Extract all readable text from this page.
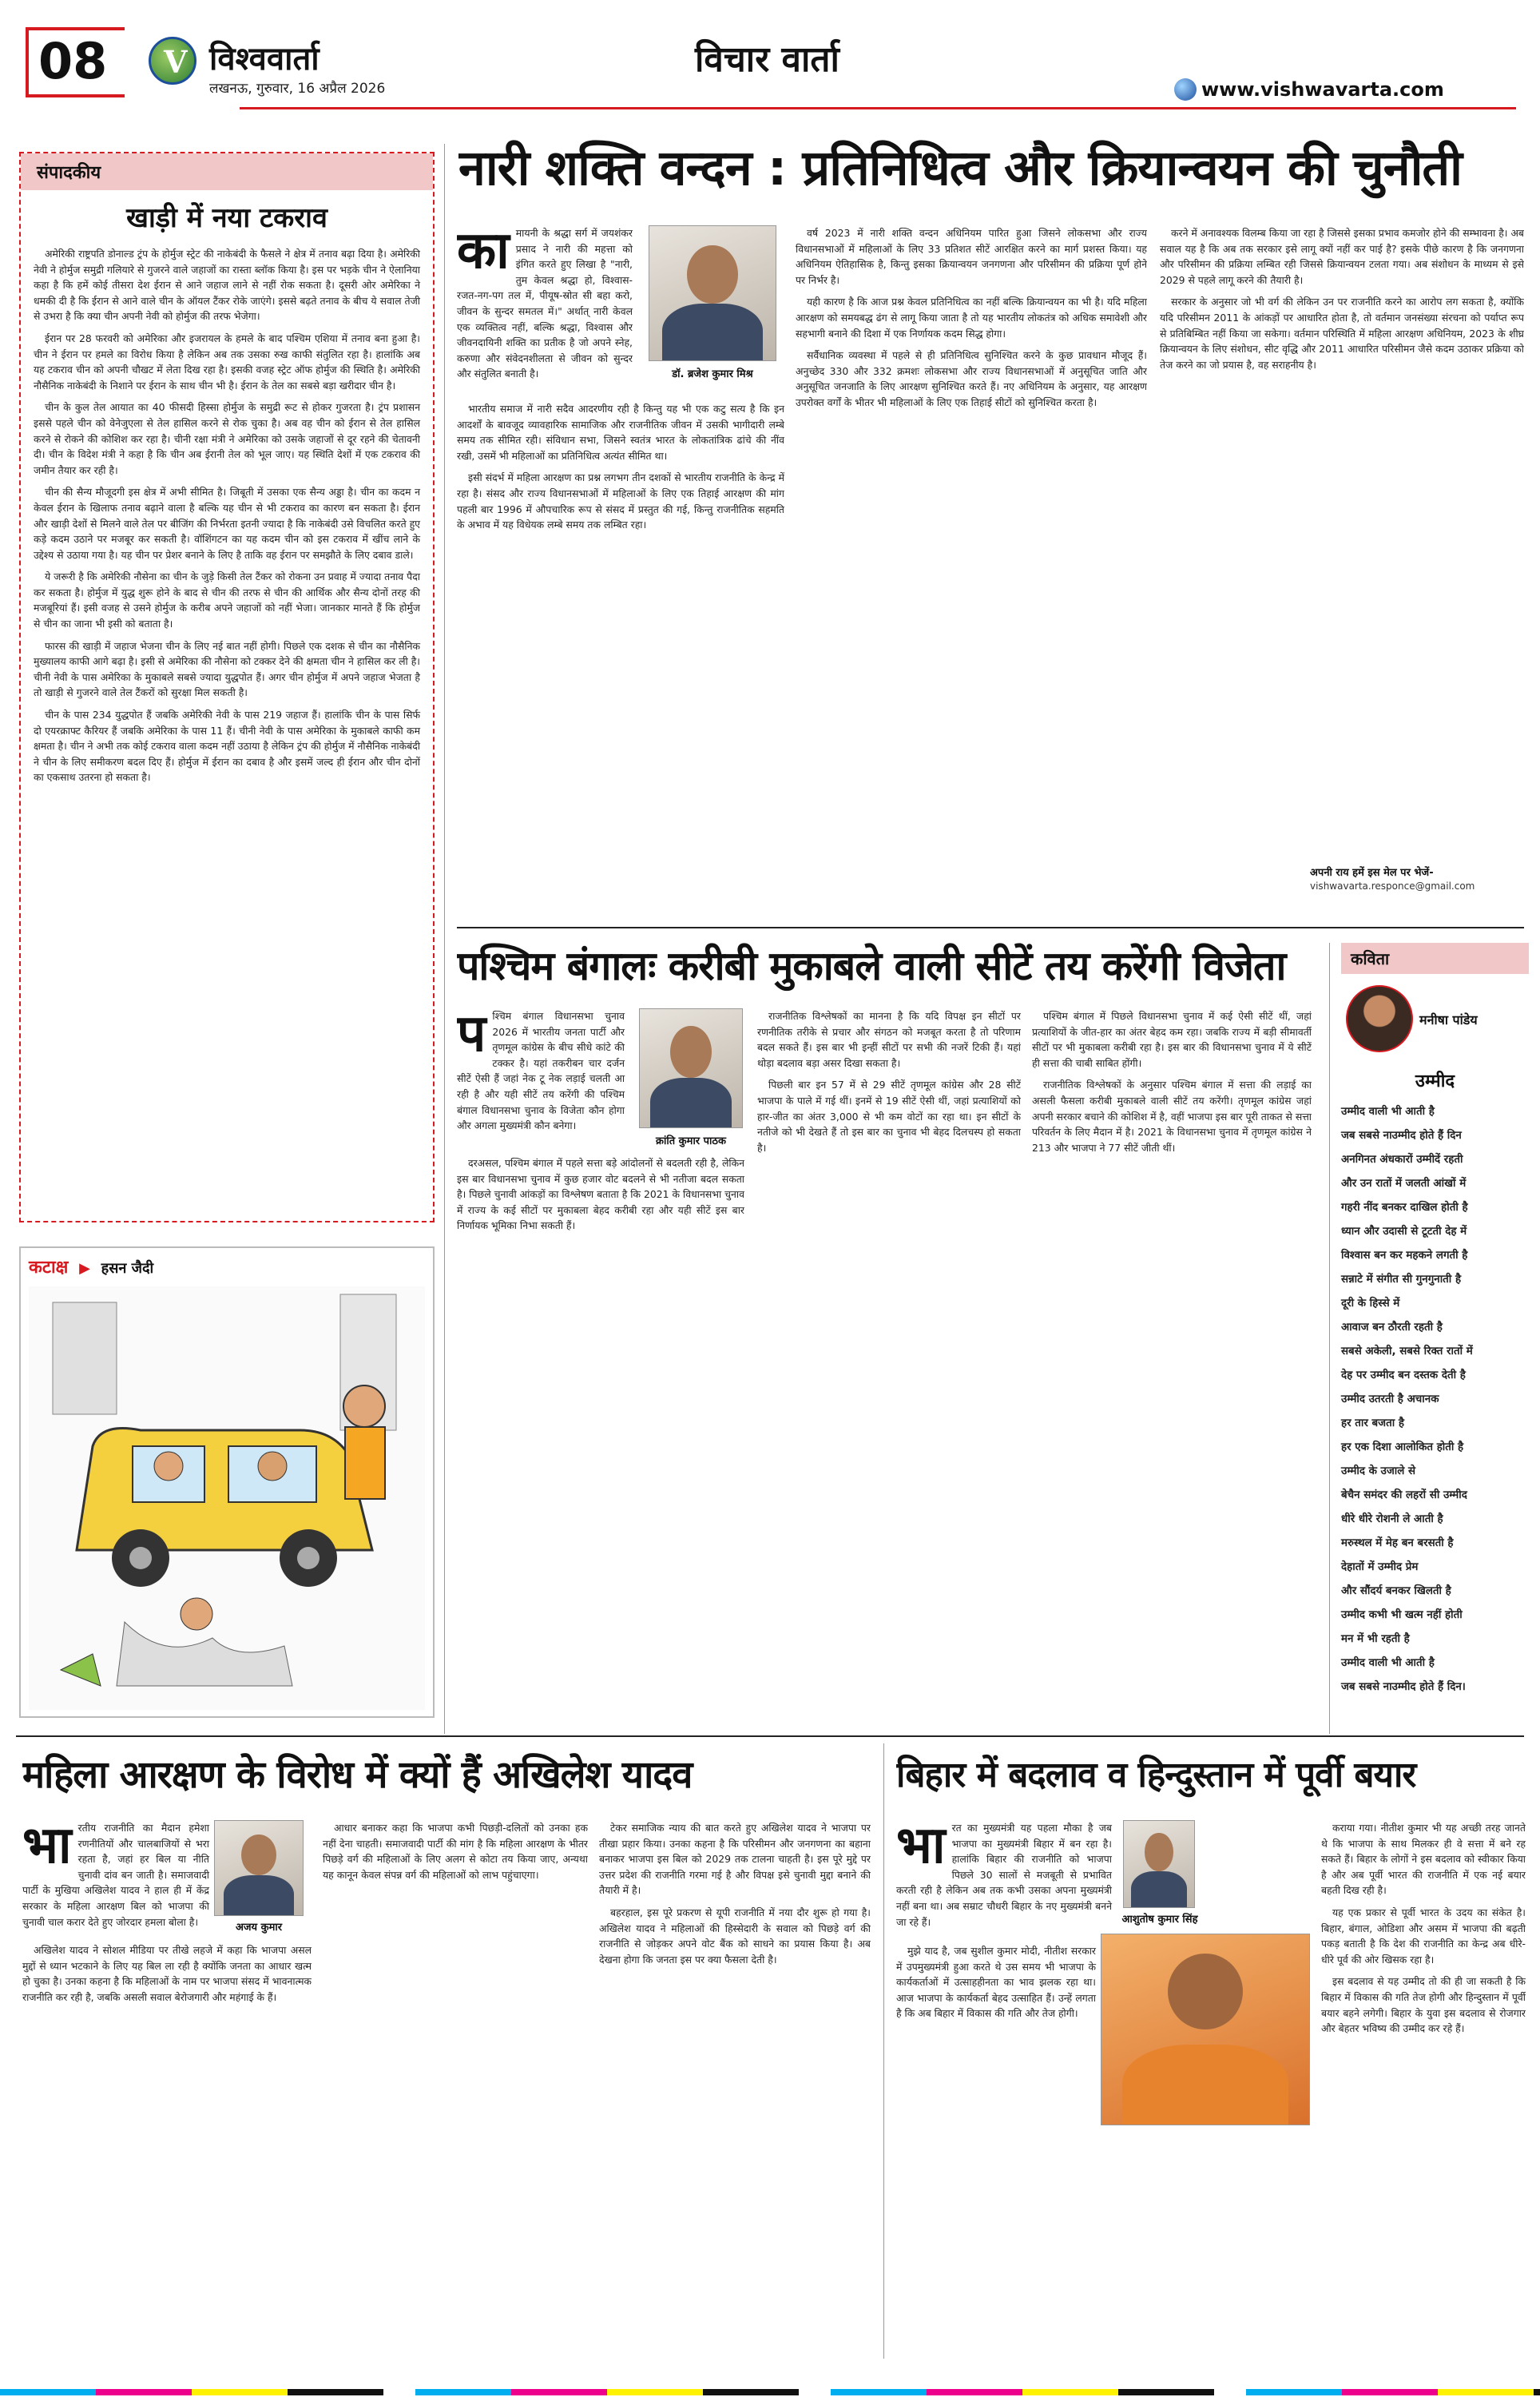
08 V विश्ववार्ता
लखनऊ, गुरुवार, 16 अप्रैल 2026
विचार वार्ता
www.vishwavarta.com
संपादकीय
खाड़ी में नया टकराव

अमेरिकी राष्ट्रपति डोनाल्ड ट्रंप के होर्मुज स्ट्रेट की नाकेबंदी के फैसले ने क्षेत्र में तनाव बढ़ा दिया है। अमेरिकी नेवी ने होर्मुज समुद्री गलियारे से गुजरने वाले जहाजों का रास्ता ब्लॉक किया है। इस पर भड़के चीन ने ऐलानिया कहा है कि हमें कोई तीसरा देश ईरान से आने जहाज लाने से नहीं रोक सकता है। दूसरी ओर अमेरिका ने धमकी दी है कि ईरान से आने वाले चीन के ऑयल टैंकर रोके जाएंगे। इससे बढ़ते तनाव के बीच ये सवाल तेजी से उभरा है कि क्या चीन अपनी नेवी को होर्मुज की तरफ भेजेगा।

ईरान पर 28 फरवरी को अमेरिका और इजरायल के हमले के बाद पश्चिम एशिया में तनाव बना हुआ है। चीन ने ईरान पर हमले का विरोध किया है लेकिन अब तक उसका रुख काफी संतुलित रहा है। हालांकि अब यह टकराव चीन को अपनी चौखट में लेता दिख रहा है। इसकी वजह स्ट्रेट ऑफ होर्मुज की स्थिति है। अमेरिकी नौसैनिक नाकेबंदी के निशाने पर ईरान के साथ चीन भी है। ईरान के तेल का सबसे बड़ा खरीदार चीन है।

चीन के कुल तेल आयात का 40 फीसदी हिस्सा होर्मुज के समुद्री रूट से होकर गुजरता है। ट्रंप प्रशासन इससे पहले चीन को वेनेजुएला से तेल हासिल करने से रोक चुका है। अब वह चीन को ईरान से तेल हासिल करने से रोकने की कोशिश कर रहा है। चीनी रक्षा मंत्री ने अमेरिका को उसके जहाजों से दूर रहने की चेतावनी दी। चीन के विदेश मंत्री ने कहा है कि चीन अब ईरानी तेल को भूल जाए। यह स्थिति देशों में एक टकराव की जमीन तैयार कर रही है।

चीन की सैन्य मौजूदगी इस क्षेत्र में अभी सीमित है। जिबूती में उसका एक सैन्य अड्डा है। चीन का कदम न केवल ईरान के खिलाफ तनाव बढ़ाने वाला है बल्कि यह चीन से भी टकराव का कारण बन सकता है। ईरान और खाड़ी देशों से मिलने वाले तेल पर बीजिंग की निर्भरता इतनी ज्यादा है कि नाकेबंदी उसे विचलित करते हुए कड़े कदम उठाने पर मजबूर कर सकती है। वॉशिंगटन का यह कदम चीन को इस टकराव में खींच लाने के उद्देश्य से उठाया गया है। यह चीन पर प्रेशर बनाने के लिए है ताकि वह ईरान पर समझौते के लिए दबाव डाले।

ये जरूरी है कि अमेरिकी नौसेना का चीन के जुड़े किसी तेल टैंकर को रोकना उन प्रवाह में ज्यादा तनाव पैदा कर सकता है। होर्मुज में युद्ध शुरू होने के बाद से चीन की तरफ से चीन की आर्थिक और सैन्य दोनों तरह की मजबूरियां हैं। इसी वजह से उसने होर्मुज के करीब अपने जहाजों को नहीं भेजा। जानकार मानते हैं कि होर्मुज से चीन का जाना भी इसी को बताता है।

फारस की खाड़ी में जहाज भेजना चीन के लिए नई बात नहीं होगी। पिछले एक दशक से चीन का नौसैनिक मुख्यालय काफी आगे बढ़ा है। इसी से अमेरिका की नौसेना को टक्कर देने की क्षमता चीन ने हासिल कर ली है। चीनी नेवी के पास अमेरिका के मुकाबले सबसे ज्यादा युद्धपोत हैं। अगर चीन होर्मुज में अपने जहाज भेजता है तो खाड़ी से गुजरने वाले तेल टैंकरों को सुरक्षा मिल सकती है।

चीन के पास 234 युद्धपोत हैं जबकि अमेरिकी नेवी के पास 219 जहाज हैं। हालांकि चीन के पास सिर्फ दो एयरक्राफ्ट कैरियर हैं जबकि अमेरिका के पास 11 हैं। चीनी नेवी के पास अमेरिका के मुकाबले काफी कम क्षमता है। चीन ने अभी तक कोई टकराव वाला कदम नहीं उठाया है लेकिन ट्रंप की होर्मुज में नौसैनिक नाकेबंदी ने चीन के लिए समीकरण बदल दिए हैं। होर्मुज में ईरान का दबाव है और इसमें जल्द ही ईरान और चीन दोनों का एकसाथ उतरना हो सकता है।

कटाक्ष ▶ हसन जैदी
नारी शक्ति वन्दन : प्रतिनिधित्व और क्रियान्वयन की चुनौती
डॉ. ब्रजेश कुमार मिश्र
का मायनी के श्रद्धा सर्ग में जयशंकर प्रसाद ने नारी की महत्ता को इंगित करते हुए लिखा है "नारी, तुम केवल श्रद्धा हो, विश्वास-रजत-नग-पग तल में, पीयूष-स्रोत सी बहा करो, जीवन के सुन्दर समतल में।" अर्थात् नारी केवल एक व्यक्तित्व नहीं, बल्कि श्रद्धा, विश्वास और जीवनदायिनी शक्ति का प्रतीक है जो अपने स्नेह, करुणा और संवेदनशीलता से जीवन को सुन्दर और संतुलित बनाती है।

भारतीय समाज में नारी सदैव आदरणीय रही है किन्तु यह भी एक कटु सत्य है कि इन आदर्शों के बावजूद व्यावहारिक सामाजिक और राजनीतिक जीवन में उसकी भागीदारी लम्बे समय तक सीमित रही। संविधान सभा, जिसने स्वतंत्र भारत के लोकतांत्रिक ढांचे की नींव रखी, उसमें भी महिलाओं का प्रतिनिधित्व अत्यंत सीमित था।

इसी संदर्भ में महिला आरक्षण का प्रश्न लगभग तीन दशकों से भारतीय राजनीति के केन्द्र में रहा है। संसद और राज्य विधानसभाओं में महिलाओं के लिए एक तिहाई आरक्षण की मांग पहली बार 1996 में औपचारिक रूप से संसद में प्रस्तुत की गई, किन्तु राजनीतिक सहमति के अभाव में यह विधेयक लम्बे समय तक लम्बित रहा।

वर्ष 2023 में नारी शक्ति वन्दन अधिनियम पारित हुआ जिसने लोकसभा और राज्य विधानसभाओं में महिलाओं के लिए 33 प्रतिशत सीटें आरक्षित करने का मार्ग प्रशस्त किया। यह अधिनियम ऐतिहासिक है, किन्तु इसका क्रियान्वयन जनगणना और परिसीमन की प्रक्रिया पूर्ण होने पर निर्भर है।

यही कारण है कि आज प्रश्न केवल प्रतिनिधित्व का नहीं बल्कि क्रियान्वयन का भी है। यदि महिला आरक्षण को समयबद्ध ढंग से लागू किया जाता है तो यह भारतीय लोकतंत्र को अधिक समावेशी और सहभागी बनाने की दिशा में एक निर्णायक कदम सिद्ध होगा।

सर्वैधानिक व्यवस्था में पहले से ही प्रतिनिधित्व सुनिश्चित करने के कुछ प्रावधान मौजूद हैं। अनुच्छेद 330 और 332 क्रमशः लोकसभा और राज्य विधानसभाओं में अनुसूचित जाति और अनुसूचित जनजाति के लिए आरक्षण सुनिश्चित करते हैं। नए अधिनियम के अनुसार, यह आरक्षण उपरोक्त वर्गों के भीतर भी महिलाओं के लिए एक तिहाई सीटों को सुनिश्चित करता है।

करने में अनावश्यक विलम्ब किया जा रहा है जिससे इसका प्रभाव कमजोर होने की सम्भावना है। अब सवाल यह है कि अब तक सरकार इसे लागू क्यों नहीं कर पाई है? इसके पीछे कारण है कि जनगणना और परिसीमन की प्रक्रिया लम्बित रही जिससे क्रियान्वयन टलता गया। अब संशोधन के माध्यम से इसे 2029 से पहले लागू करने की तैयारी है।

सरकार के अनुसार जो भी वर्ग की लेकिन उन पर राजनीति करने का आरोप लग सकता है, क्योंकि यदि परिसीमन 2011 के आंकड़ों पर आधारित होता है, तो वर्तमान जनसंख्या संरचना को पर्याप्त रूप से प्रतिबिम्बित नहीं किया जा सकेगा। वर्तमान परिस्थिति में महिला आरक्षण अधिनियम, 2023 के शीघ्र क्रियान्वयन के लिए संशोधन, सीट वृद्धि और 2011 आधारित परिसीमन जैसे कदम उठाकर प्रक्रिया को तेज करने का जो प्रयास है, वह सराहनीय है।

अपनी राय हमें इस मेल पर भेजें-
vishwavarta.responce@gmail.com
पश्चिम बंगालः करीबी मुकाबले वाली सीटें तय करेंगी विजेता
क्रांति कुमार पाठक
प श्चिम बंगाल विधानसभा चुनाव 2026 में भारतीय जनता पार्टी और तृणमूल कांग्रेस के बीच सीधे कांटे की टक्कर है। यहां तकरीबन चार दर्जन सीटें ऐसी हैं जहां नेक टू नेक लड़ाई चलती आ रही है और यही सीटें तय करेंगी की पश्चिम बंगाल विधानसभा चुनाव के विजेता कौन होगा और अगला मुख्यमंत्री कौन बनेगा।

दरअसल, पश्चिम बंगाल में पहले सत्ता बड़े आंदोलनों से बदलती रही है, लेकिन इस बार विधानसभा चुनाव में कुछ हजार वोट बदलने से भी नतीजा बदल सकता है। पिछले चुनावी आंकड़ों का विश्लेषण बताता है कि 2021 के विधानसभा चुनाव में राज्य के कई सीटों पर मुकाबला बेहद करीबी रहा और यही सीटें इस बार निर्णायक भूमिका निभा सकती हैं।

राजनीतिक विश्लेषकों का मानना है कि यदि विपक्ष इन सीटों पर रणनीतिक तरीके से प्रचार और संगठन को मजबूत करता है तो परिणाम बदल सकते हैं। इस बार भी इन्हीं सीटों पर सभी की नजरें टिकी हैं। यहां थोड़ा बदलाव बड़ा असर दिखा सकता है।

पिछली बार इन 57 में से 29 सीटें तृणमूल कांग्रेस और 28 सीटें भाजपा के पाले में गई थीं। इनमें से 19 सीटें ऐसी थीं, जहां प्रत्याशियों को हार-जीत का अंतर 3,000 से भी कम वोटों का रहा था। इन सीटों के नतीजे को भी देखते हैं तो इस बार का चुनाव भी बेहद दिलचस्प हो सकता है।

पश्चिम बंगाल में पिछले विधानसभा चुनाव में कई ऐसी सीटें थीं, जहां प्रत्याशियों के जीत-हार का अंतर बेहद कम रहा। जबकि राज्य में बड़ी सीमावर्ती सीटों पर भी मुकाबला करीबी रहा है। इस बार की विधानसभा चुनाव में ये सीटें ही सत्ता की चाबी साबित होंगी।

राजनीतिक विश्लेषकों के अनुसार पश्चिम बंगाल में सत्ता की लड़ाई का असली फैसला करीबी मुकाबले वाली सीटें तय करेंगी। तृणमूल कांग्रेस जहां अपनी सरकार बचाने की कोशिश में है, वहीं भाजपा इस बार पूरी ताकत से सत्ता परिवर्तन के लिए मैदान में है। 2021 के विधानसभा चुनाव में तृणमूल कांग्रेस ने 213 और भाजपा ने 77 सीटें जीती थीं।

कविता
मनीषा पांडेय
उम्मीद
उम्मीद वाली भी आती है
जब सबसे नाउम्मीद होते हैं दिन
अनगिनत अंधकारों उम्मीदें रहती
और उन रातों में जलती आंखों में
गहरी नींद बनकर दाखिल होती है
ध्यान और उदासी से टूटती देह में
विश्वास बन कर महकने लगती है
सन्नाटे में संगीत सी गुनगुनाती है
दूरी के हिस्से में
आवाज बन ठौरती रहती है
सबसे अकेली, सबसे रिक्त रातों में
देह पर उम्मीद बन दस्तक देती है
उम्मीद उतरती है अचानक
हर तार बजता है
हर एक दिशा आलोकित होती है
उम्मीद के उजाले से
बेचैन समंदर की लहरों सी उम्मीद
धीरे धीरे रोशनी ले आती है
मरुस्थल में मेह बन बरसती है
देहातों में उम्मीद प्रेम
और सौंदर्य बनकर खिलती है
उम्मीद कभी भी खत्म नहीं होती
मन में भी रहती है
उम्मीद वाली भी आती है
जब सबसे नाउम्मीद होते हैं दिन।
महिला आरक्षण के विरोध में क्यों हैं अखिलेश यादव
अजय कुमार
भा रतीय राजनीति का मैदान हमेशा रणनीतियों और चालबाजियों से भरा रहता है, जहां हर बिल या नीति चुनावी दांव बन जाती है। समाजवादी पार्टी के मुखिया अखिलेश यादव ने हाल ही में केंद्र सरकार के महिला आरक्षण बिल को भाजपा की चुनावी चाल करार देते हुए जोरदार हमला बोला है।

अखिलेश यादव ने सोशल मीडिया पर तीखे लहजे में कहा कि भाजपा असल मुद्दों से ध्यान भटकाने के लिए यह बिल ला रही है क्योंकि जनता का आधार खत्म हो चुका है। उनका कहना है कि महिलाओं के नाम पर भाजपा संसद में भावनात्मक राजनीति कर रही है, जबकि असली सवाल बेरोजगारी और महंगाई के हैं।

आधार बनाकर कहा कि भाजपा कभी पिछड़ी-दलितों को उनका हक नहीं देना चाहती। समाजवादी पार्टी की मांग है कि महिला आरक्षण के भीतर पिछड़े वर्ग की महिलाओं के लिए अलग से कोटा तय किया जाए, अन्यथा यह कानून केवल संपन्न वर्ग की महिलाओं को लाभ पहुंचाएगा।

टेकर समाजिक न्याय की बात करते हुए अखिलेश यादव ने भाजपा पर तीखा प्रहार किया। उनका कहना है कि परिसीमन और जनगणना का बहाना बनाकर भाजपा इस बिल को 2029 तक टालना चाहती है। इस पूरे मुद्दे पर उत्तर प्रदेश की राजनीति गरमा गई है और विपक्ष इसे चुनावी मुद्दा बनाने की तैयारी में है।

बहरहाल, इस पूरे प्रकरण से यूपी राजनीति में नया दौर शुरू हो गया है। अखिलेश यादव ने महिलाओं की हिस्सेदारी के सवाल को पिछड़े वर्ग की राजनीति से जोड़कर अपने वोट बैंक को साधने का प्रयास किया है। अब देखना होगा कि जनता इस पर क्या फैसला देती है।

बिहार में बदलाव व हिन्दुस्तान में पूर्वी बयार
आशुतोष कुमार सिंह
भा रत का मुख्यमंत्री यह पहला मौका है जब भाजपा का मुख्यमंत्री बिहार में बन रहा है। हालांकि बिहार की राजनीति को भाजपा पिछले 30 सालों से मजबूती से प्रभावित करती रही है लेकिन अब तक कभी उसका अपना मुख्यमंत्री नहीं बना था। अब सम्राट चौधरी बिहार के नए मुख्यमंत्री बनने जा रहे हैं।

मुझे याद है, जब सुशील कुमार मोदी, नीतीश सरकार में उपमुख्यमंत्री हुआ करते थे उस समय भी भाजपा के कार्यकर्ताओं में उत्साहहीनता का भाव झलक रहा था। आज भाजपा के कार्यकर्ता बेहद उत्साहित हैं। उन्हें लगता है कि अब बिहार में विकास की गति और तेज होगी।

कराया गया। नीतीश कुमार भी यह अच्छी तरह जानते थे कि भाजपा के साथ मिलकर ही वे सत्ता में बने रह सकते हैं। बिहार के लोगों ने इस बदलाव को स्वीकार किया है और अब पूर्वी भारत की राजनीति में एक नई बयार बहती दिख रही है।

यह एक प्रकार से पूर्वी भारत के उदय का संकेत है। बिहार, बंगाल, ओडिशा और असम में भाजपा की बढ़ती पकड़ बताती है कि देश की राजनीति का केन्द्र अब धीरे-धीरे पूर्व की ओर खिसक रहा है।

इस बदलाव से यह उम्मीद तो की ही जा सकती है कि बिहार में विकास की गति तेज होगी और हिन्दुस्तान में पूर्वी बयार बहने लगेगी। बिहार के युवा इस बदलाव से रोजगार और बेहतर भविष्य की उम्मीद कर रहे हैं।
